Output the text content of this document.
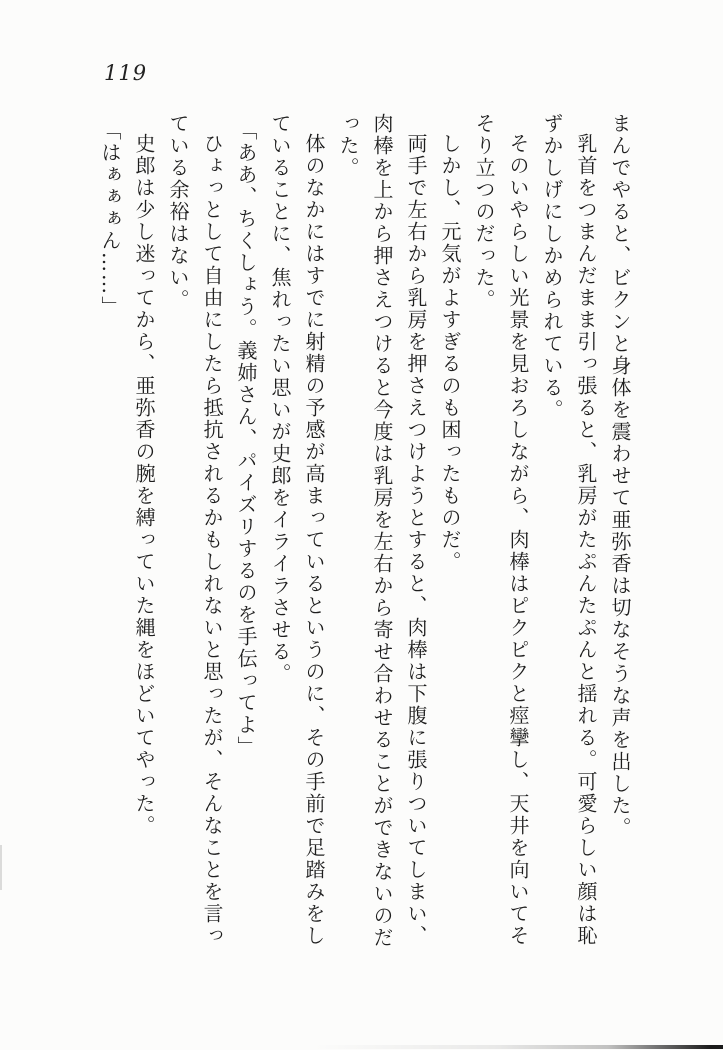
119

まんでやると、ビクンと身体を震わせて亜弥香は切なそうな声を出した。

乳首をつまんだまま引っ張ると、乳房がたぷんたぷんと揺れる。可愛らしい顔は恥ずかしげにしかめられている。

そのいやらしい光景を見おろしながら、肉棒はピクピクと痙攣し、天井を向いてそそり立つのだった。

しかし、元気がよすぎるのも困ったものだ。

両手で左右から乳房を押さえつけようとすると、肉棒は下腹に張りついてしまい、肉棒を上から押さえつけると今度は乳房を左右から寄せ合わせることができないのだった。

体のなかにはすでに射精の予感が高まっているというのに、その手前で足踏みをしていることに、焦れったい思いが史郎をイライラさせる。

「ああ、ちくしょう。義姉さん、パイズリするのを手伝ってよ」

ひょっとして自由にしたら抵抗されるかもしれないと思ったが、そんなことを言っている余裕はない。

史郎は少し迷ってから、亜弥香の腕を縛っていた縄をほどいてやった。

「はぁぁぁん……」
